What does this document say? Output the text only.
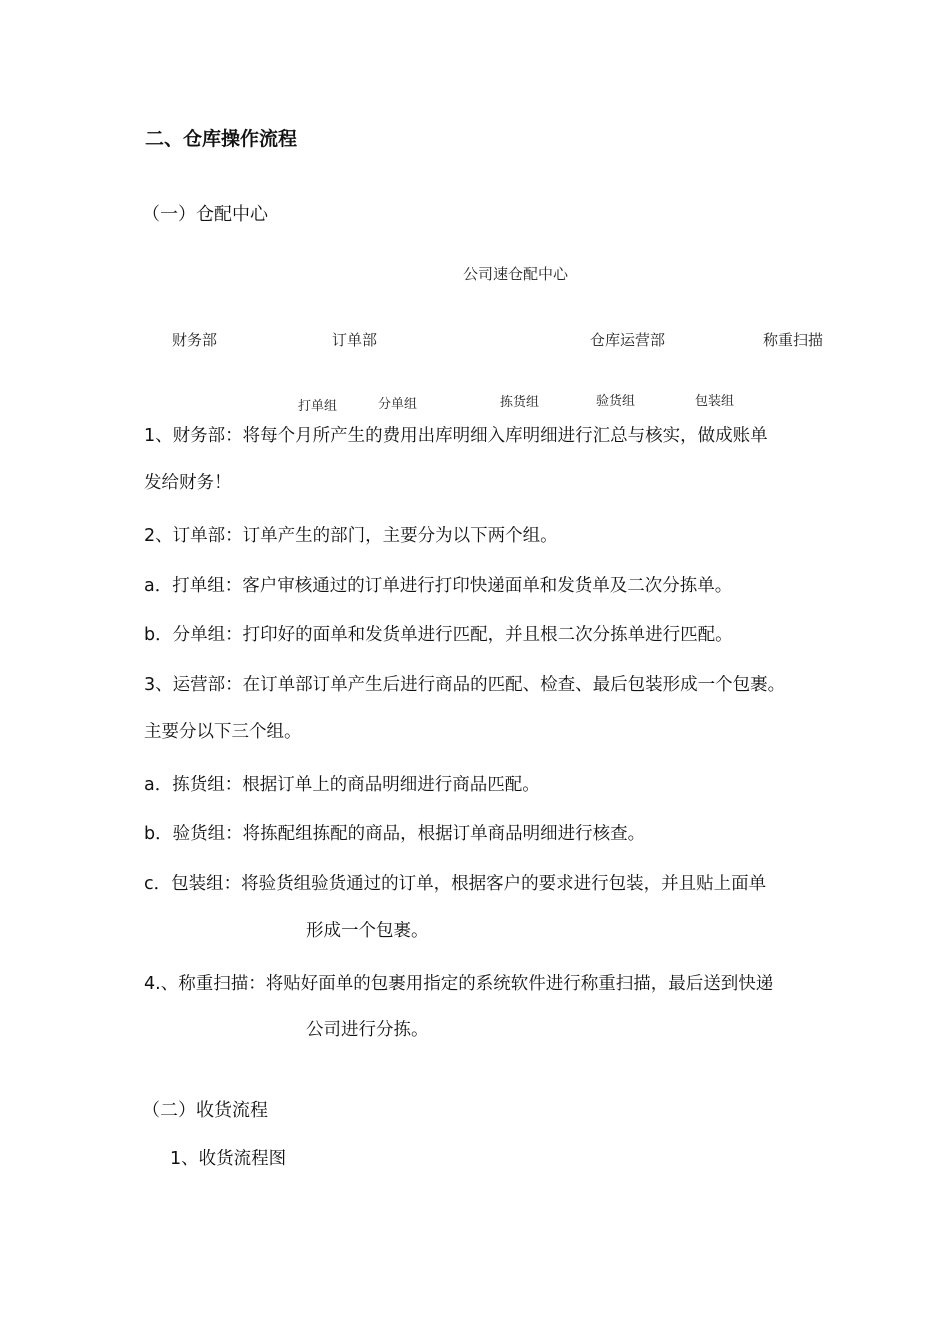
二、仓库操作流程
（一）仓配中心
公司速仓配中心
财务部	订单部	仓库运营部	称重扫描
打单组	分单组	拣货组	验货组	包装组
1、财务部：将每个月所产生的费用出库明细入库明细进行汇总与核实，做成账单
发给财务！
2、订单部：订单产生的部门，主要分为以下两个组。
a．打单组：客户审核通过的订单进行打印快递面单和发货单及二次分拣单。
b．分单组：打印好的面单和发货单进行匹配，并且根二次分拣单进行匹配。
3、运营部：在订单部订单产生后进行商品的匹配、检查、最后包装形成一个包裹。
主要分以下三个组。
a．拣货组：根据订单上的商品明细进行商品匹配。
b．验货组：将拣配组拣配的商品，根据订单商品明细进行核查。
c．包装组：将验货组验货通过的订单，根据客户的要求进行包装，并且贴上面单
形成一个包裹。
4.、称重扫描：将贴好面单的包裹用指定的系统软件进行称重扫描，最后送到快递
公司进行分拣。
（二）收货流程
1、收货流程图
